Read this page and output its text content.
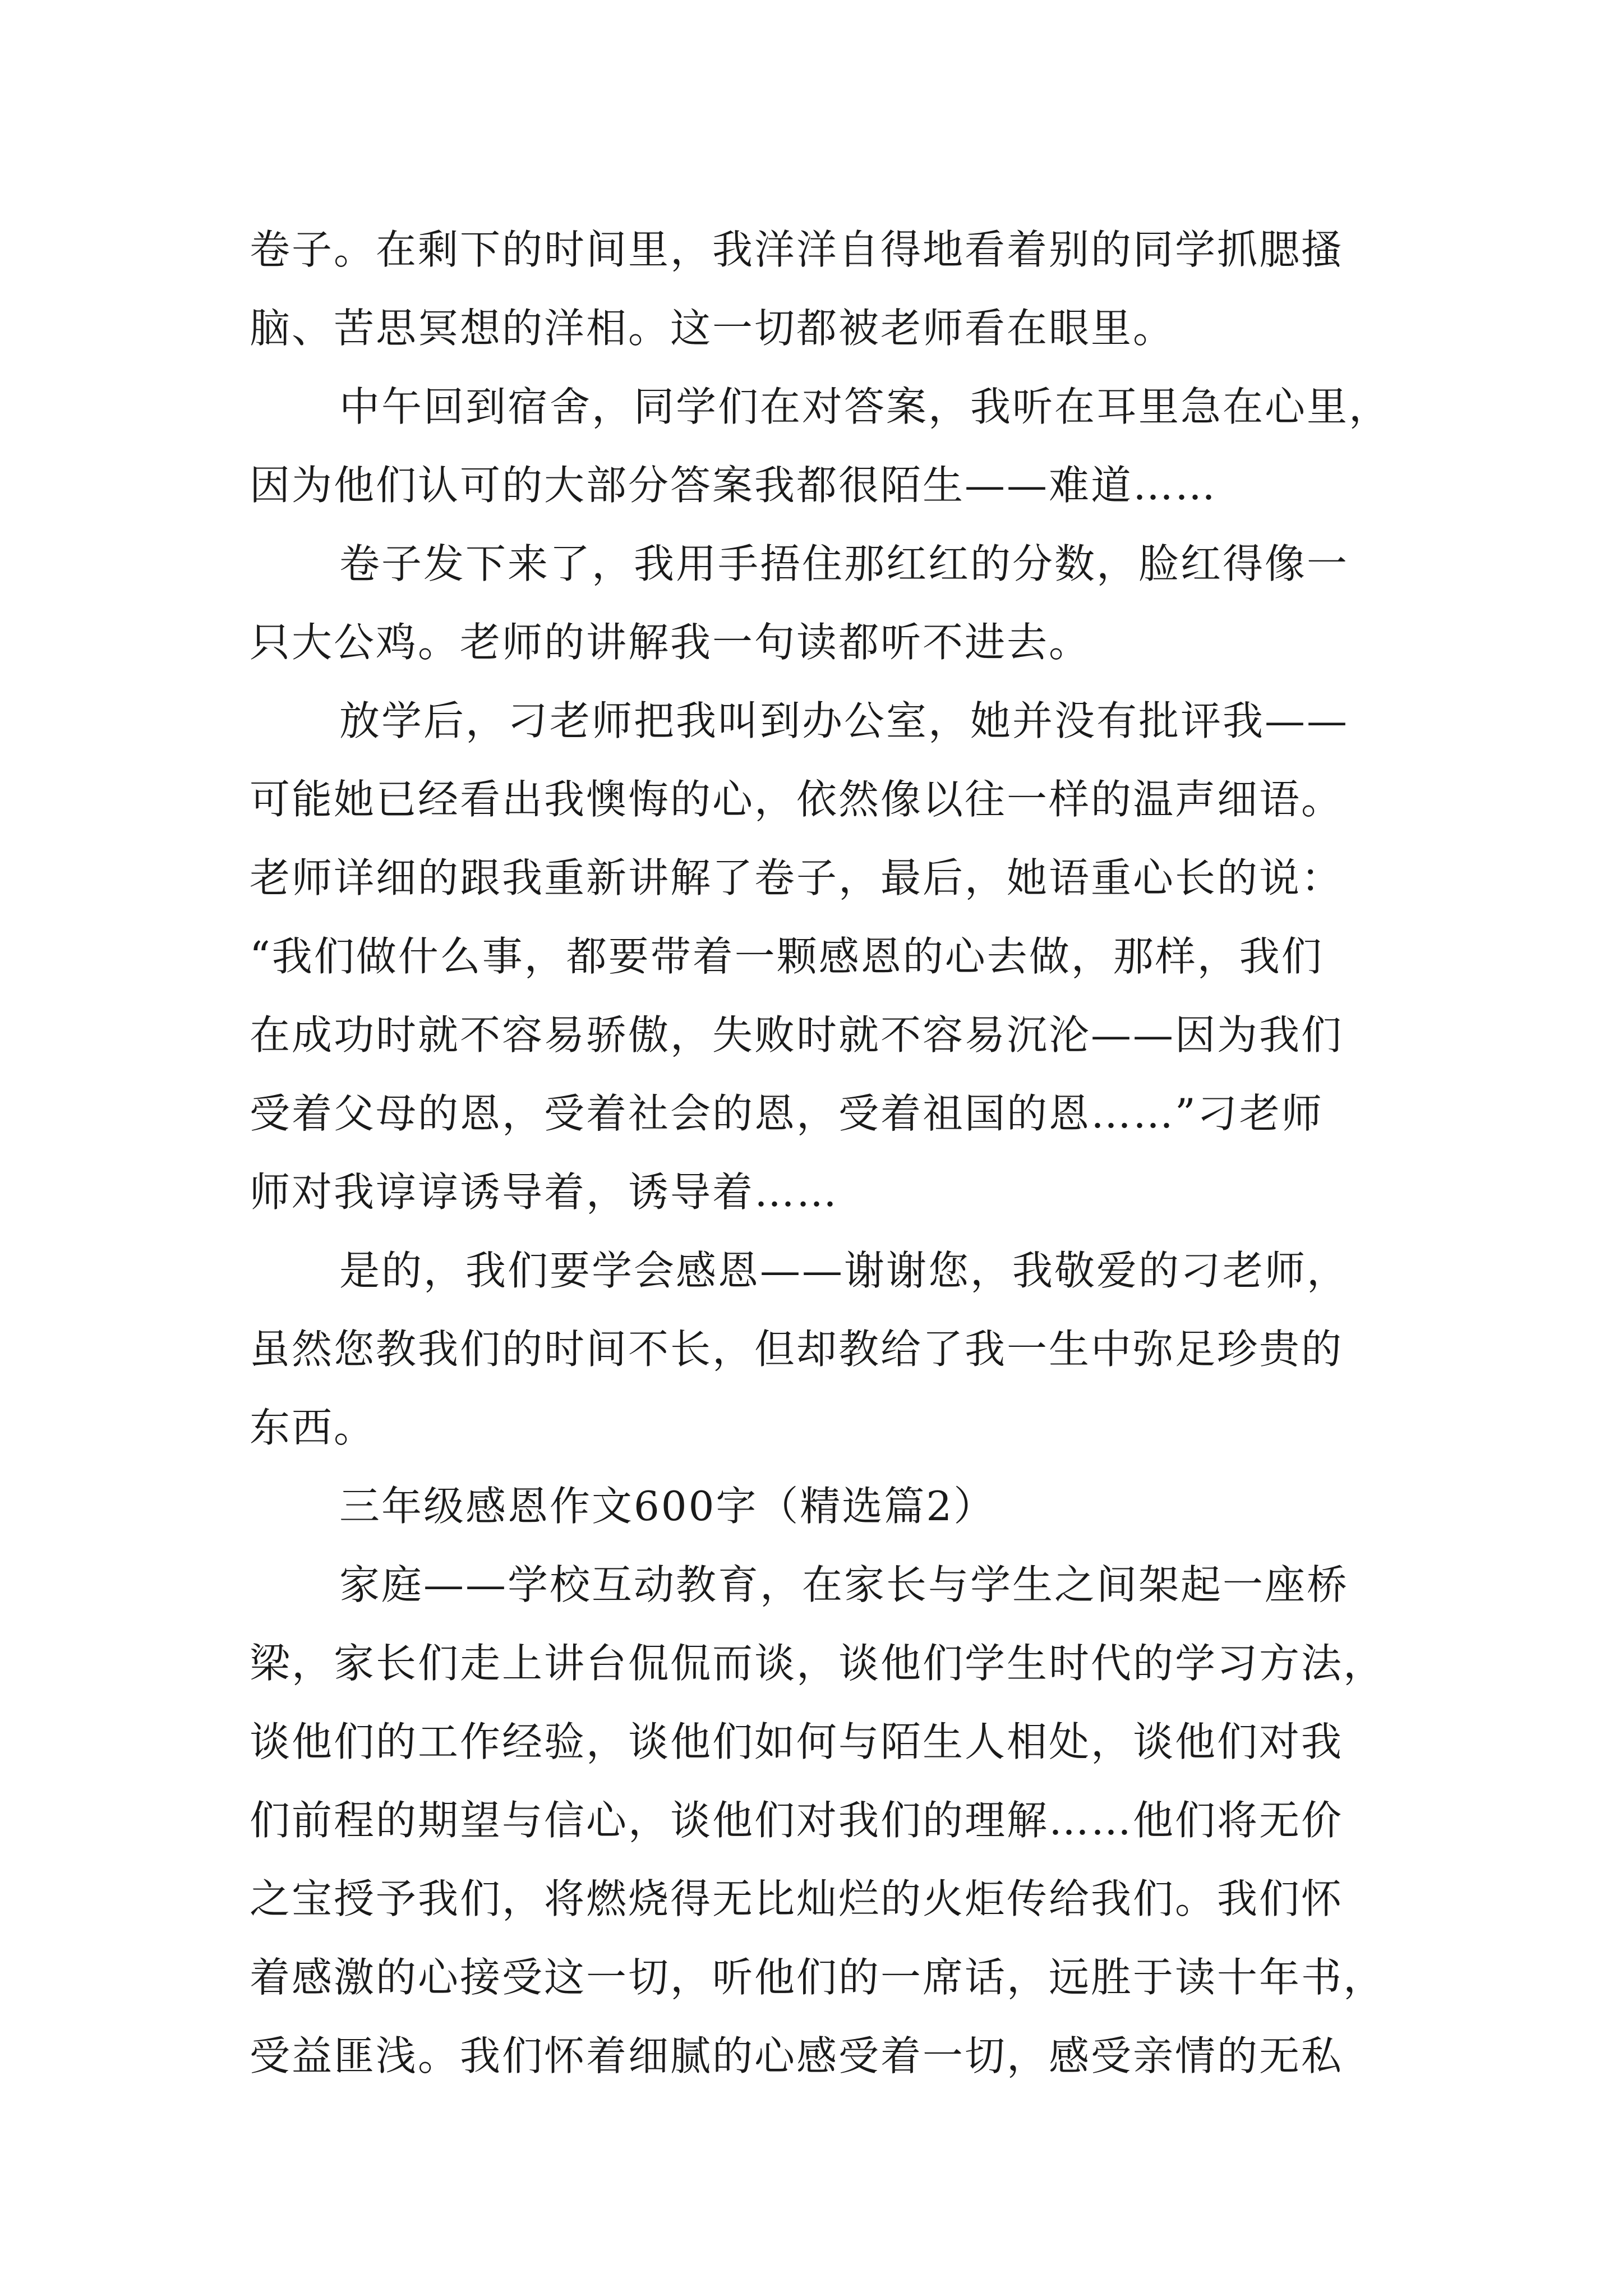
卷子。在剩下的时间里，我洋洋自得地看着别的同学抓腮搔
脑、苦思冥想的洋相。这一切都被老师看在眼里。
中午回到宿舍，同学们在对答案，我听在耳里急在心里，
因为他们认可的大部分答案我都很陌生——难道……
卷子发下来了，我用手捂住那红红的分数，脸红得像一
只大公鸡。老师的讲解我一句读都听不进去。
放学后，刁老师把我叫到办公室，她并没有批评我——
可能她已经看出我懊悔的心，依然像以往一样的温声细语。
老师详细的跟我重新讲解了卷子，最后，她语重心长的说：
“我们做什么事，都要带着一颗感恩的心去做，那样，我们
在成功时就不容易骄傲，失败时就不容易沉沦——因为我们
受着父母的恩，受着社会的恩，受着祖国的恩……”刁老师
师对我谆谆诱导着，诱导着……
是的，我们要学会感恩——谢谢您，我敬爱的刁老师，
虽然您教我们的时间不长，但却教给了我一生中弥足珍贵的
东西。
三年级感恩作文600字（精选篇2）
家庭——学校互动教育，在家长与学生之间架起一座桥
梁，家长们走上讲台侃侃而谈，谈他们学生时代的学习方法，
谈他们的工作经验，谈他们如何与陌生人相处，谈他们对我
们前程的期望与信心，谈他们对我们的理解……他们将无价
之宝授予我们，将燃烧得无比灿烂的火炬传给我们。我们怀
着感激的心接受这一切，听他们的一席话，远胜于读十年书，
受益匪浅。我们怀着细腻的心感受着一切，感受亲情的无私
